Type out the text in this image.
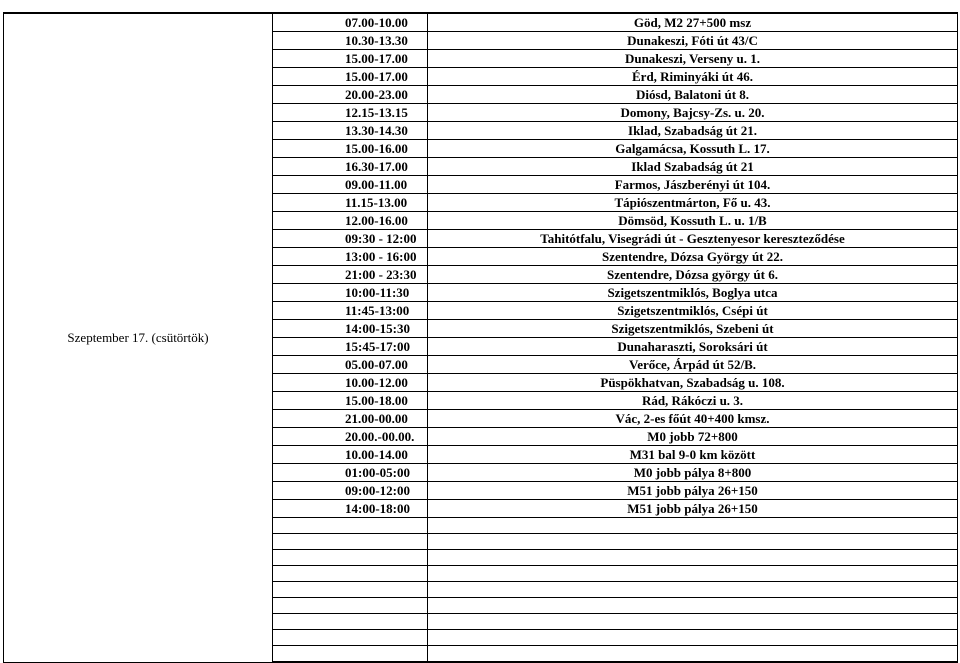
Szeptember 17. (csütörtök)	07.00-10.00	Göd, M2 27+500 msz
	10.30-13.30	Dunakeszi, Fóti út 43/C
	15.00-17.00	Dunakeszi, Verseny u. 1.
	15.00-17.00	Érd, Riminyáki út 46.
	20.00-23.00	Diósd, Balatoni út 8.
	12.15-13.15	Domony, Bajcsy-Zs. u. 20.
	13.30-14.30	Iklad, Szabadság út 21.
	15.00-16.00	Galgamácsa, Kossuth L. 17.
	16.30-17.00	Iklad Szabadság út 21
	09.00-11.00	Farmos, Jászberényi út 104.
	11.15-13.00	Tápiószentmárton, Fő u. 43.
	12.00-16.00	Dömsöd, Kossuth L. u. 1/B
	09:30 - 12:00	Tahitótfalu, Visegrádi út - Gesztenyesor kereszteződése
	13:00 - 16:00	Szentendre, Dózsa György út 22.
	21:00 - 23:30	Szentendre, Dózsa györgy út 6.
	10:00-11:30	Szigetszentmiklós, Boglya utca
	11:45-13:00	Szigetszentmiklós, Csépi út
	14:00-15:30	Szigetszentmiklós, Szebeni út
	15:45-17:00	Dunaharaszti, Soroksári út
	05.00-07.00	Verőce, Árpád út 52/B.
	10.00-12.00	Püspökhatvan, Szabadság u. 108.
	15.00-18.00	Rád, Rákóczi u. 3.
	21.00-00.00	Vác, 2-es főút 40+400 kmsz.
	20.00.-00.00.	M0 jobb 72+800
	10.00-14.00	M31 bal 9-0 km között
	01:00-05:00	M0 jobb pálya 8+800
	09:00-12:00	M51 jobb pálya 26+150
	14:00-18:00	M51 jobb pálya 26+150
